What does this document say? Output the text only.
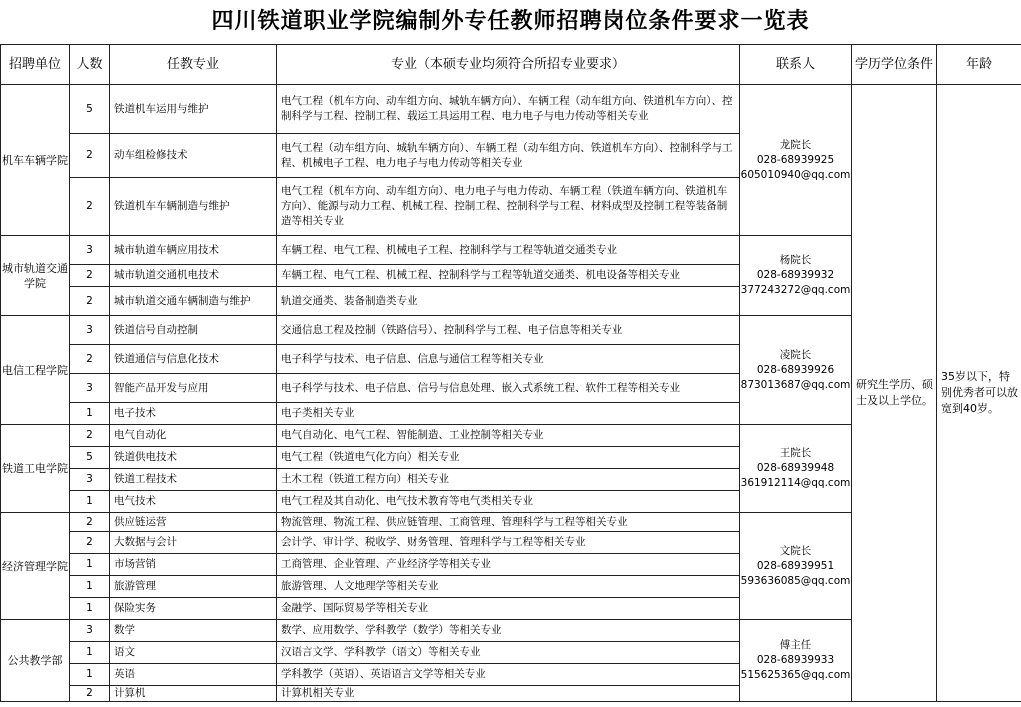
四川铁道职业学院编制外专任教师招聘岗位条件要求一览表
招聘单位	人数	任教专业	专业（本硕专业均须符合所招专业要求）	联系人	学历学位条件	年龄
机车车辆学院	5	铁道机车运用与维护	电气工程（机车方向、动车组方向、城轨车辆方向）、车辆工程（动车组方向、铁道机车方向）、控制科学与工程、控制工程、载运工具运用工程、电力电子与电力传动等相关专业	龙院长
028-68939925
605010940@qq.com	研究生学历、硕士及以上学位。	35岁以下，特别优秀者可以放宽到40岁。
	2	动车组检修技术	电气工程（动车组方向、城轨车辆方向）、车辆工程（动车组方向、铁道机车方向）、控制科学与工程、机械电子工程、电力电子与电力传动等相关专业			
	2	铁道机车车辆制造与维护	电气工程（机车方向、动车组方向）、电力电子与电力传动、车辆工程（铁道车辆方向、铁道机车方向）、能源与动力工程、机械工程、控制工程、控制科学与工程、材料成型及控制工程等装备制造等相关专业			
城市轨道交通学院	3	城市轨道车辆应用技术	车辆工程、电气工程、机械电子工程、控制科学与工程等轨道交通类专业	杨院长
028-68939932
377243272@qq.com		

	2	城市轨道交通机电技术	车辆工程、电气工程、机械工程、控制科学与工程等轨道交通类、机电设备等相关专业			
	2	城市轨道交通车辆制造与维护	轨道交通类、装备制造类专业			
电信工程学院	3	铁道信号自动控制	交通信息工程及控制（铁路信号）、控制科学与工程、电子信息等相关专业	凌院长
028-68939926
873013687@qq.com		

	2	铁道通信与信息化技术	电子科学与技术、电子信息、信息与通信工程等相关专业			
	3	智能产品开发与应用	电子科学与技术、电子信息、信号与信息处理、嵌入式系统工程、软件工程等相关专业			
	1	电子技术	电子类相关专业			
铁道工电学院	2	电气自动化	电气自动化、电气工程、智能制造、工业控制等相关专业	王院长
028-68939948
361912114@qq.com		

	5	铁道供电技术	电气工程（铁道电气化方向）相关专业			
	3	铁道工程技术	土木工程（铁道工程方向）相关专业			
	1	电气技术	电气工程及其自动化、电气技术教育等电气类相关专业			
经济管理学院	2	供应链运营	物流管理、物流工程、供应链管理、工商管理、管理科学与工程等相关专业	文院长
028-68939951
593636085@qq.com		

	2	大数据与会计	会计学、审计学、税收学、财务管理、管理科学与工程等相关专业			
	1	市场营销	工商管理、企业管理、产业经济学等相关专业			
	1	旅游管理	旅游管理、人文地理学等相关专业			
	1	保险实务	金融学、国际贸易学等相关专业			
公共教学部	3	数学	数学、应用数学、学科教学（数学）等相关专业	傅主任
028-68939933
515625365@qq.com		

	1	语文	汉语言文学、学科教学（语文）等相关专业			
	1	英语	学科教学（英语）、英语语言文学等相关专业			
	2	计算机	计算机相关专业			
